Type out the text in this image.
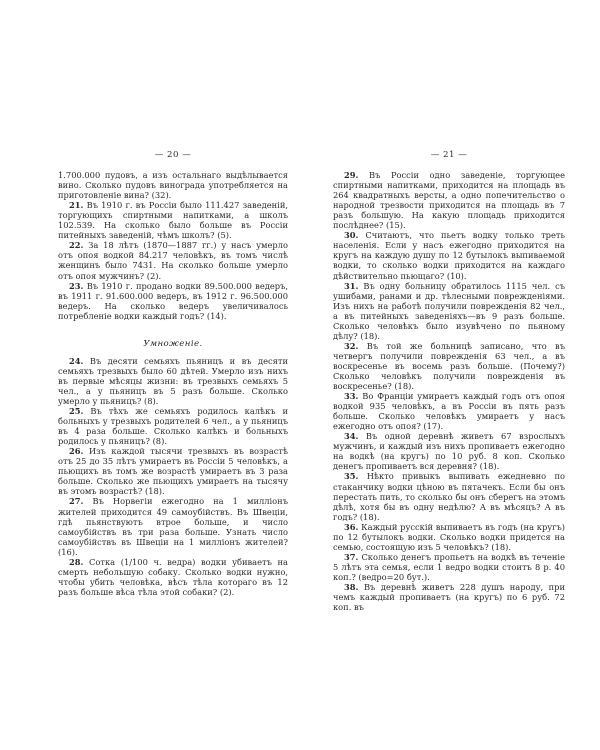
— 20 —

1.700.000 пудовъ, а изъ остальнаго выдѣлывается вино. Сколько пудовъ винограда употребляется на приготовленіе вина? (32).

21. Въ 1910 г. въ Россіи было 111.427 заведеній, торгующихъ спиртными напитками, а школъ 102.539. На сколько было больше въ Россіи питейныхъ заведеній, чѣмъ школъ? (5).

22. За 18 лѣтъ (1870—1887 гг.) у насъ умерло отъ опоя водкой 84.217 человѣкъ, въ томъ числѣ женщинъ было 7431. На сколько больше умерло отъ опоя мужчинъ? (2).

23. Въ 1910 г. продано водки 89.500.000 ведеръ, въ 1911 г. 91.600.000 ведеръ, въ 1912 г. 96.500.000 ведеръ. На сколько ведеръ увеличивалось потребленіе водки каждый годъ? (14).

Умноженіе.

24. Въ десяти семьяхъ пьяницъ и въ десяти семьяхъ трезвыхъ было 60 дѣтей. Умерло изъ нихъ въ первые мѣсяцы жизни: въ трезвыхъ семьяхъ 5 чел., а у пьяницъ въ 5 разъ больше. Сколько умерло у пьяницъ? (8).

25. Въ тѣхъ же семьяхъ родилось калѣкъ и больныхъ у трезвыхъ родителей 6 чел., а у пьяницъ въ 4 раза больше. Сколько калѣкъ и больныхъ родилось у пьяницъ? (8).

26. Изъ каждой тысячи трезвыхъ въ возрастѣ отъ 25 до 35 лѣтъ умираетъ въ Россіи 5 человѣкъ, а пьющихъ въ томъ же возрастѣ умираетъ въ 3 раза больше. Сколько же пьющихъ умираетъ на тысячу въ этомъ возрастѣ? (18).

27. Въ Норвегіи ежегодно на 1 милліонъ жителей приходится 49 самоубійствъ. Въ Швеціи, гдѣ пьянствуютъ втрое больше, и число самоубійствъ въ три раза больше. Узнать число самоубійствъ въ Швеціи на 1 милліонъ жителей? (16).

28. Сотка (1/100 ч. ведра) водки убиваетъ на смерть небольшую собаку. Сколько водки нужно, чтобы убить человѣка, вѣсъ тѣла котораго въ 12 разъ больше вѣса тѣла этой собаки? (2).

— 21 —

29. Въ Россіи одно заведеніе, торгующее спиртными напитками, приходится на площадь въ 264 квадратныхъ версты, а одно попечительство о народной трезвости приходится на площадь въ 7 разъ большую. На какую площадь приходится послѣднее? (15).

30. Считаютъ, что пьетъ водку только треть населенія. Если у насъ ежегодно приходится на кругъ на каждую душу по 12 бутылокъ выпиваемой водки, то сколько водки приходится на каждаго дѣйствительно пьющаго? (10).

31. Въ одну больницу обратилось 1115 чел. съ ушибами, ранами и др. тѣлесными поврежденіями. Изъ нихъ на работѣ получили поврежденія 82 чел., а въ питейныхъ заведеніяхъ—въ 9 разъ больше. Сколько человѣкъ было изувѣчено по пьяному дѣлу? (18).

32. Въ той же больницѣ записано, что въ четвергъ получили поврежденія 63 чел., а въ воскресенье въ восемь разъ больше. (Почему?) Сколько человѣкъ получили поврежденія въ воскресенье? (18).

33. Во Франціи умираетъ каждый годъ отъ опоя водкой 935 человѣкъ, а въ Россіи въ пять разъ больше. Сколько человѣкъ умираетъ у насъ ежегодно отъ опоя? (17).

34. Въ одной деревнѣ живетъ 67 взрослыхъ мужчинъ, и каждый изъ нихъ пропиваетъ ежегодно на водкѣ (на кругъ) по 10 руб. 8 коп. Сколько денегъ пропиваетъ вся деревня? (18).

35. Нѣкто привыкъ выпивать ежедневно по стаканчику водки цѣною въ пятачекъ. Если бы онъ перестать пить, то сколько бы онъ сберегъ на этомъ дѣлѣ, хотя бы въ одну недѣлю? А въ мѣсяцъ? А въ годъ? (18).

36. Каждый русскій выпиваетъ въ годъ (на кругъ) по 12 бутылокъ водки. Сколько водки придется на семью, состоящую изъ 5 человѣкъ? (18).

37. Сколько денегъ пропьетъ на водкѣ въ теченіе 5 лѣтъ эта семья, если 1 ведро водки стоитъ 8 р. 40 коп.? (ведро=20 бут.).

38. Въ деревнѣ живетъ 228 душъ народу, при чемъ каждый пропиваетъ (на кругъ) по 6 руб. 72 коп. въ
